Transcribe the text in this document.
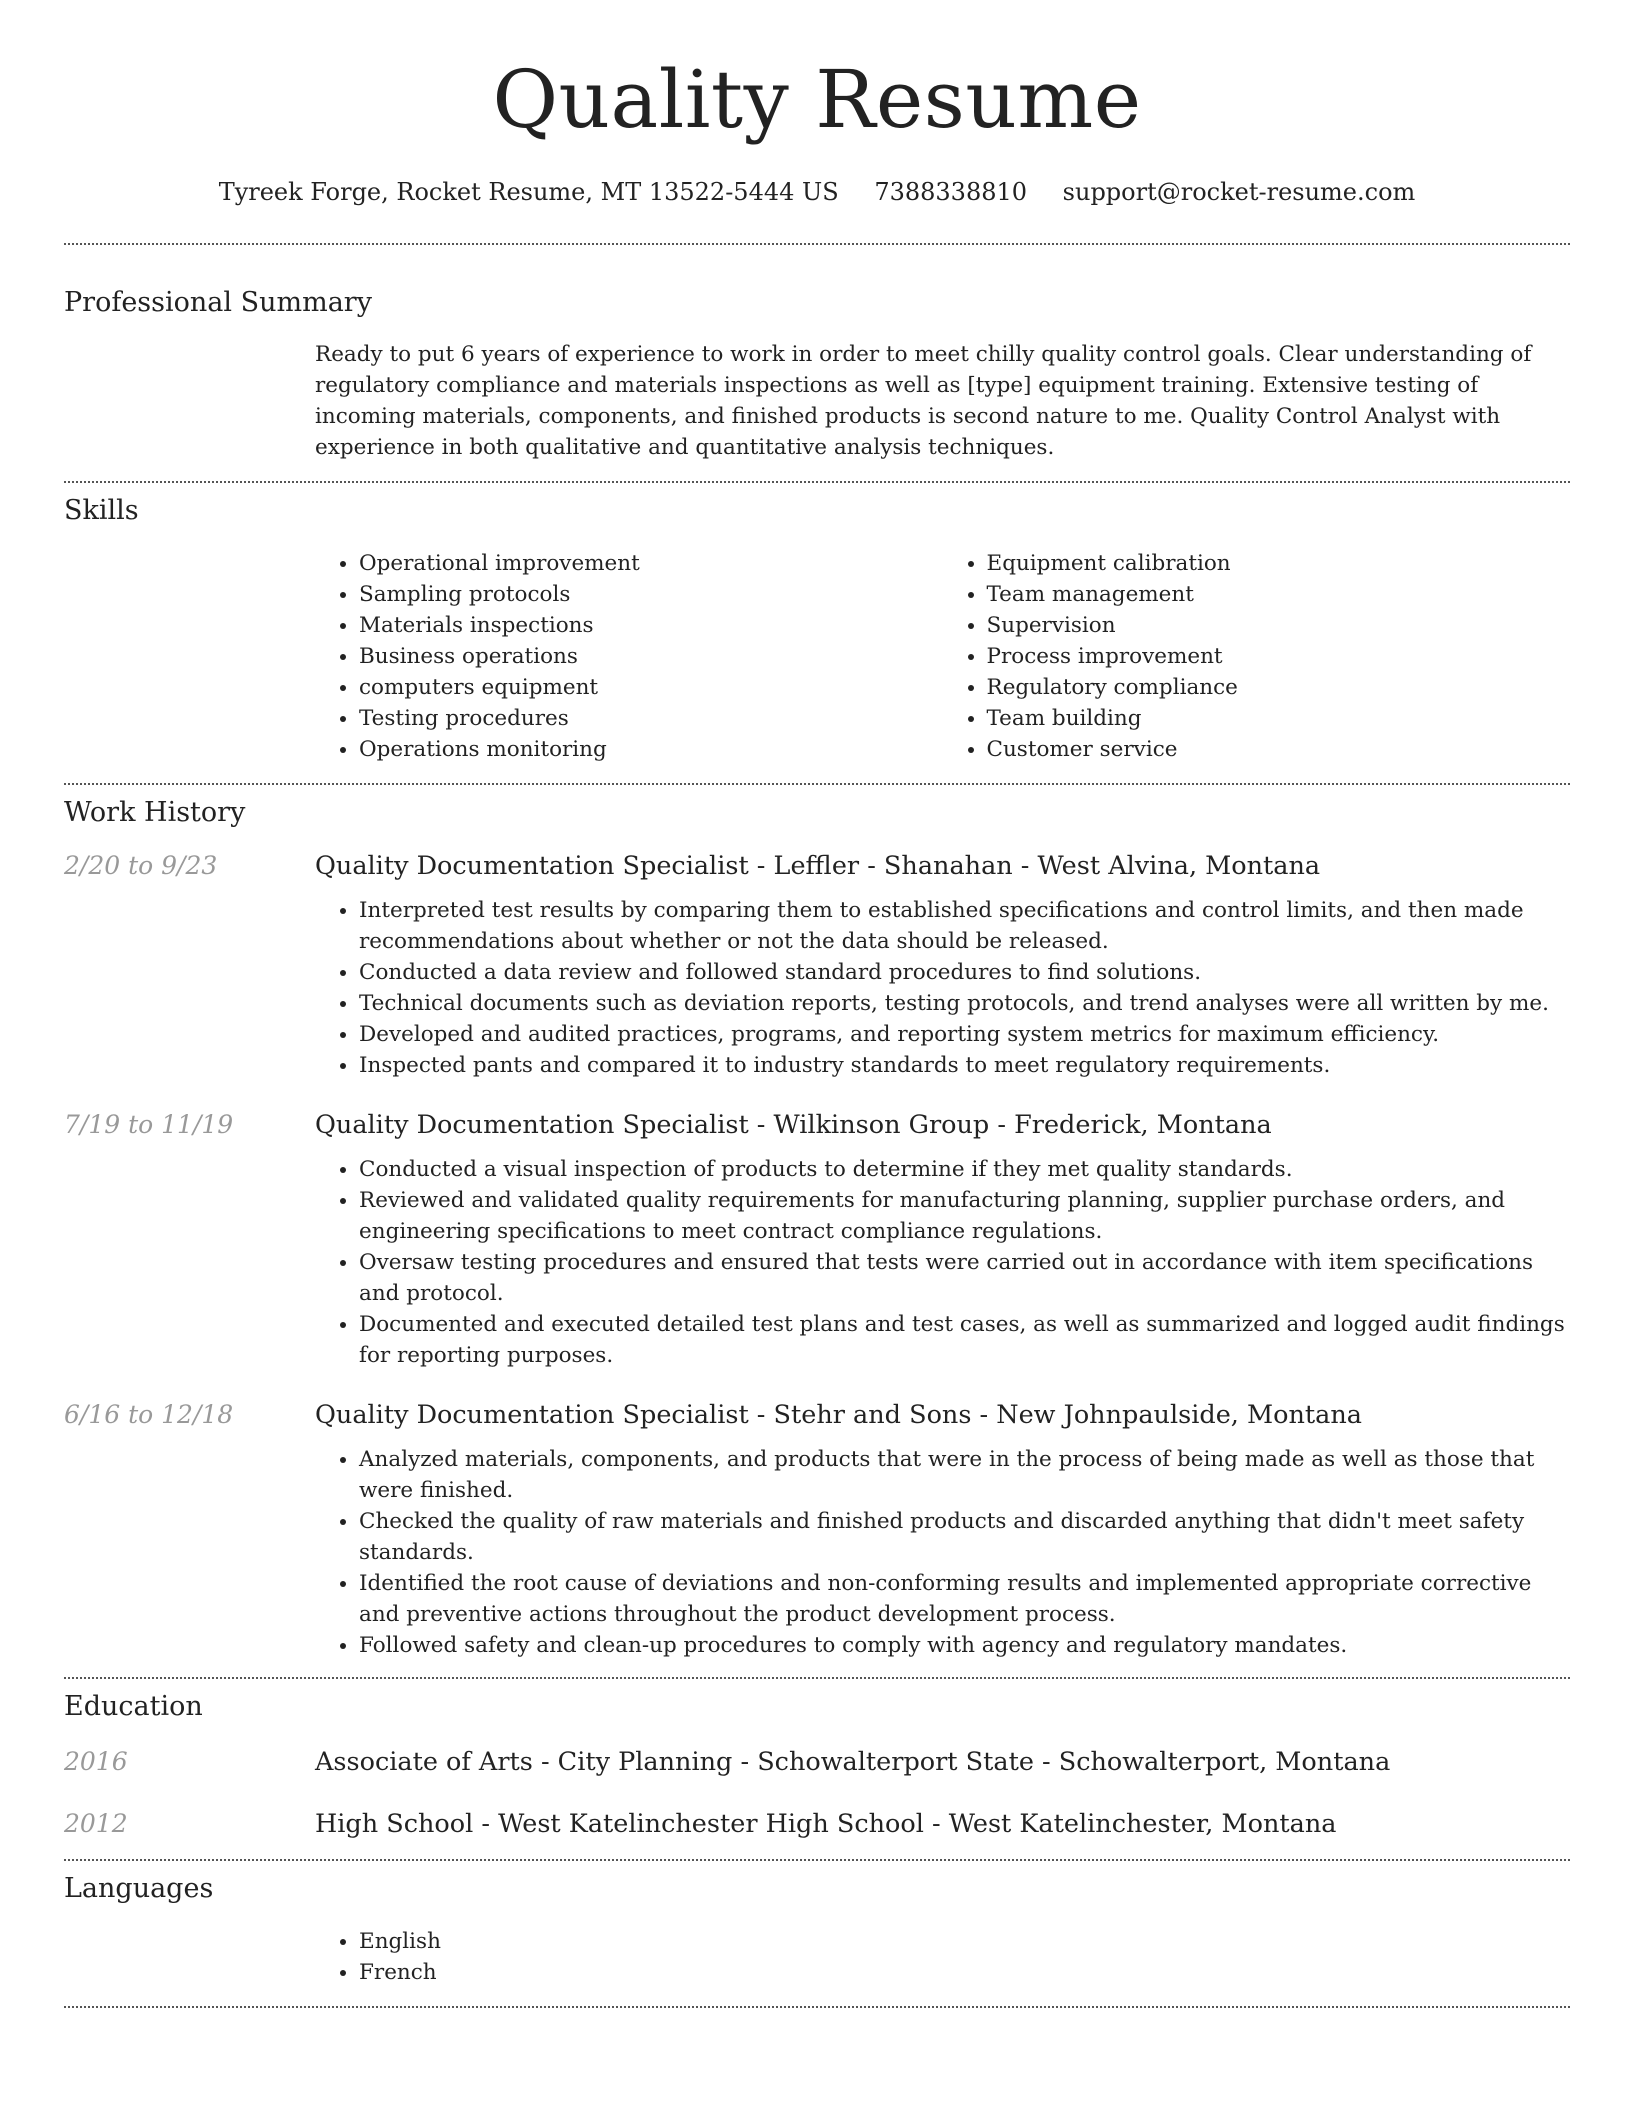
Quality Resume
Tyreek Forge, Rocket Resume, MT 13522-5444 US 7388338810 support@rocket-resume.com
Professional Summary
Ready to put 6 years of experience to work in order to meet chilly quality control goals. Clear understanding of regulatory compliance and materials inspections as well as [type] equipment training. Extensive testing of incoming materials, components, and finished products is second nature to me. Quality Control Analyst with experience in both qualitative and quantitative analysis techniques.
Skills
• Operational improvement
• Sampling protocols
• Materials inspections
• Business operations
• computers equipment
• Testing procedures
• Operations monitoring
• Equipment calibration
• Team management
• Supervision
• Process improvement
• Regulatory compliance
• Team building
• Customer service
Work History
2/20 to 9/23	Quality Documentation Specialist - Leffler - Shanahan - West Alvina, Montana
• Interpreted test results by comparing them to established specifications and control limits, and then made recommendations about whether or not the data should be released.
• Conducted a data review and followed standard procedures to find solutions.
• Technical documents such as deviation reports, testing protocols, and trend analyses were all written by me.
• Developed and audited practices, programs, and reporting system metrics for maximum efficiency.
• Inspected pants and compared it to industry standards to meet regulatory requirements.
7/19 to 11/19	Quality Documentation Specialist - Wilkinson Group - Frederick, Montana
• Conducted a visual inspection of products to determine if they met quality standards.
• Reviewed and validated quality requirements for manufacturing planning, supplier purchase orders, and engineering specifications to meet contract compliance regulations.
• Oversaw testing procedures and ensured that tests were carried out in accordance with item specifications and protocol.
• Documented and executed detailed test plans and test cases, as well as summarized and logged audit findings for reporting purposes.
6/16 to 12/18	Quality Documentation Specialist - Stehr and Sons - New Johnpaulside, Montana
• Analyzed materials, components, and products that were in the process of being made as well as those that were finished.
• Checked the quality of raw materials and finished products and discarded anything that didn't meet safety standards.
• Identified the root cause of deviations and non-conforming results and implemented appropriate corrective and preventive actions throughout the product development process.
• Followed safety and clean-up procedures to comply with agency and regulatory mandates.
Education
2016	Associate of Arts - City Planning - Schowalterport State - Schowalterport, Montana
2012	High School - West Katelinchester High School - West Katelinchester, Montana
Languages
• English
• French
